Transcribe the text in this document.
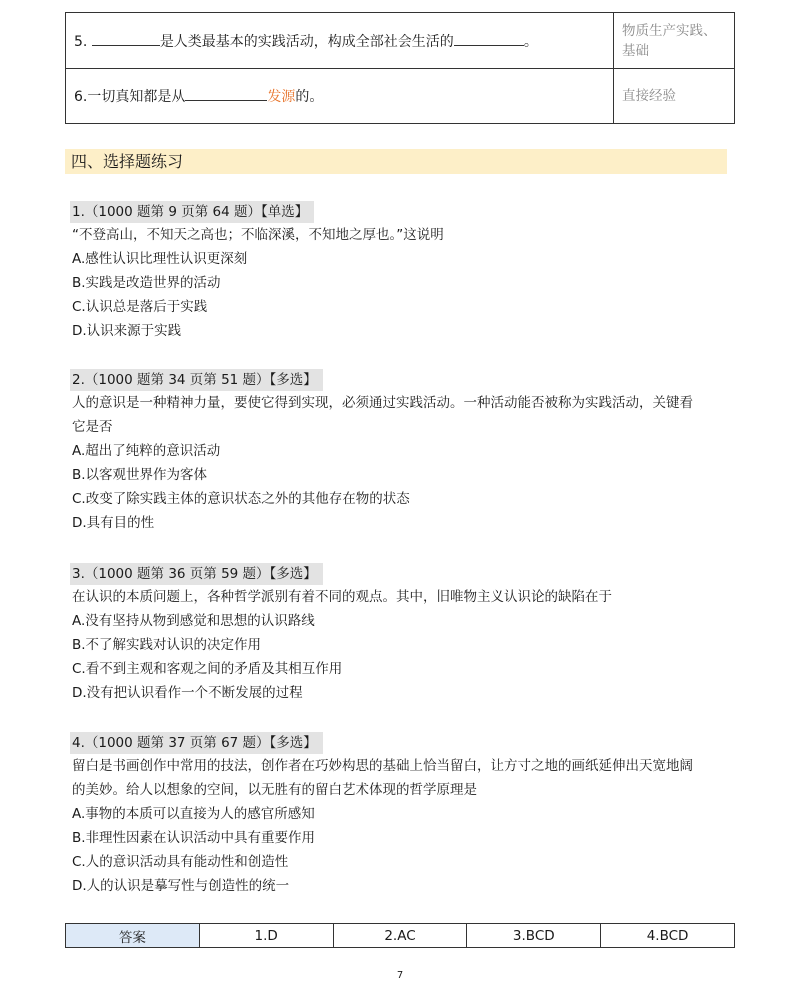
5. 是人类最基本的实践活动，构成全部社会生活的 。	物质生产实践、基础
6.一切真知都是从 发源的。	直接经验
四、选择题练习
1.（1000 题第 9 页第 64 题）【单选】

“不登高山，不知天之高也；不临深溪，不知地之厚也。”这说明

A.感性认识比理性认识更深刻

B.实践是改造世界的活动

C.认识总是落后于实践

D.认识来源于实践

2.（1000 题第 34 页第 51 题）【多选】

人的意识是一种精神力量，要使它得到实现，必须通过实践活动。一种活动能否被称为实践活动，关键看

它是否

A.超出了纯粹的意识活动

B.以客观世界作为客体

C.改变了除实践主体的意识状态之外的其他存在物的状态

D.具有目的性

3.（1000 题第 36 页第 59 题）【多选】

在认识的本质问题上，各种哲学派别有着不同的观点。其中，旧唯物主义认识论的缺陷在于

A.没有坚持从物到感觉和思想的认识路线

B.不了解实践对认识的决定作用

C.看不到主观和客观之间的矛盾及其相互作用

D.没有把认识看作一个不断发展的过程

4.（1000 题第 37 页第 67 题）【多选】

留白是书画创作中常用的技法，创作者在巧妙构思的基础上恰当留白，让方寸之地的画纸延伸出天宽地阔

的美妙。给人以想象的空间，以无胜有的留白艺术体现的哲学原理是

A.事物的本质可以直接为人的感官所感知

B.非理性因素在认识活动中具有重要作用

C.人的意识活动具有能动性和创造性

D.人的认识是摹写性与创造性的统一

答案	1.D	2.AC	3.BCD	4.BCD
7
